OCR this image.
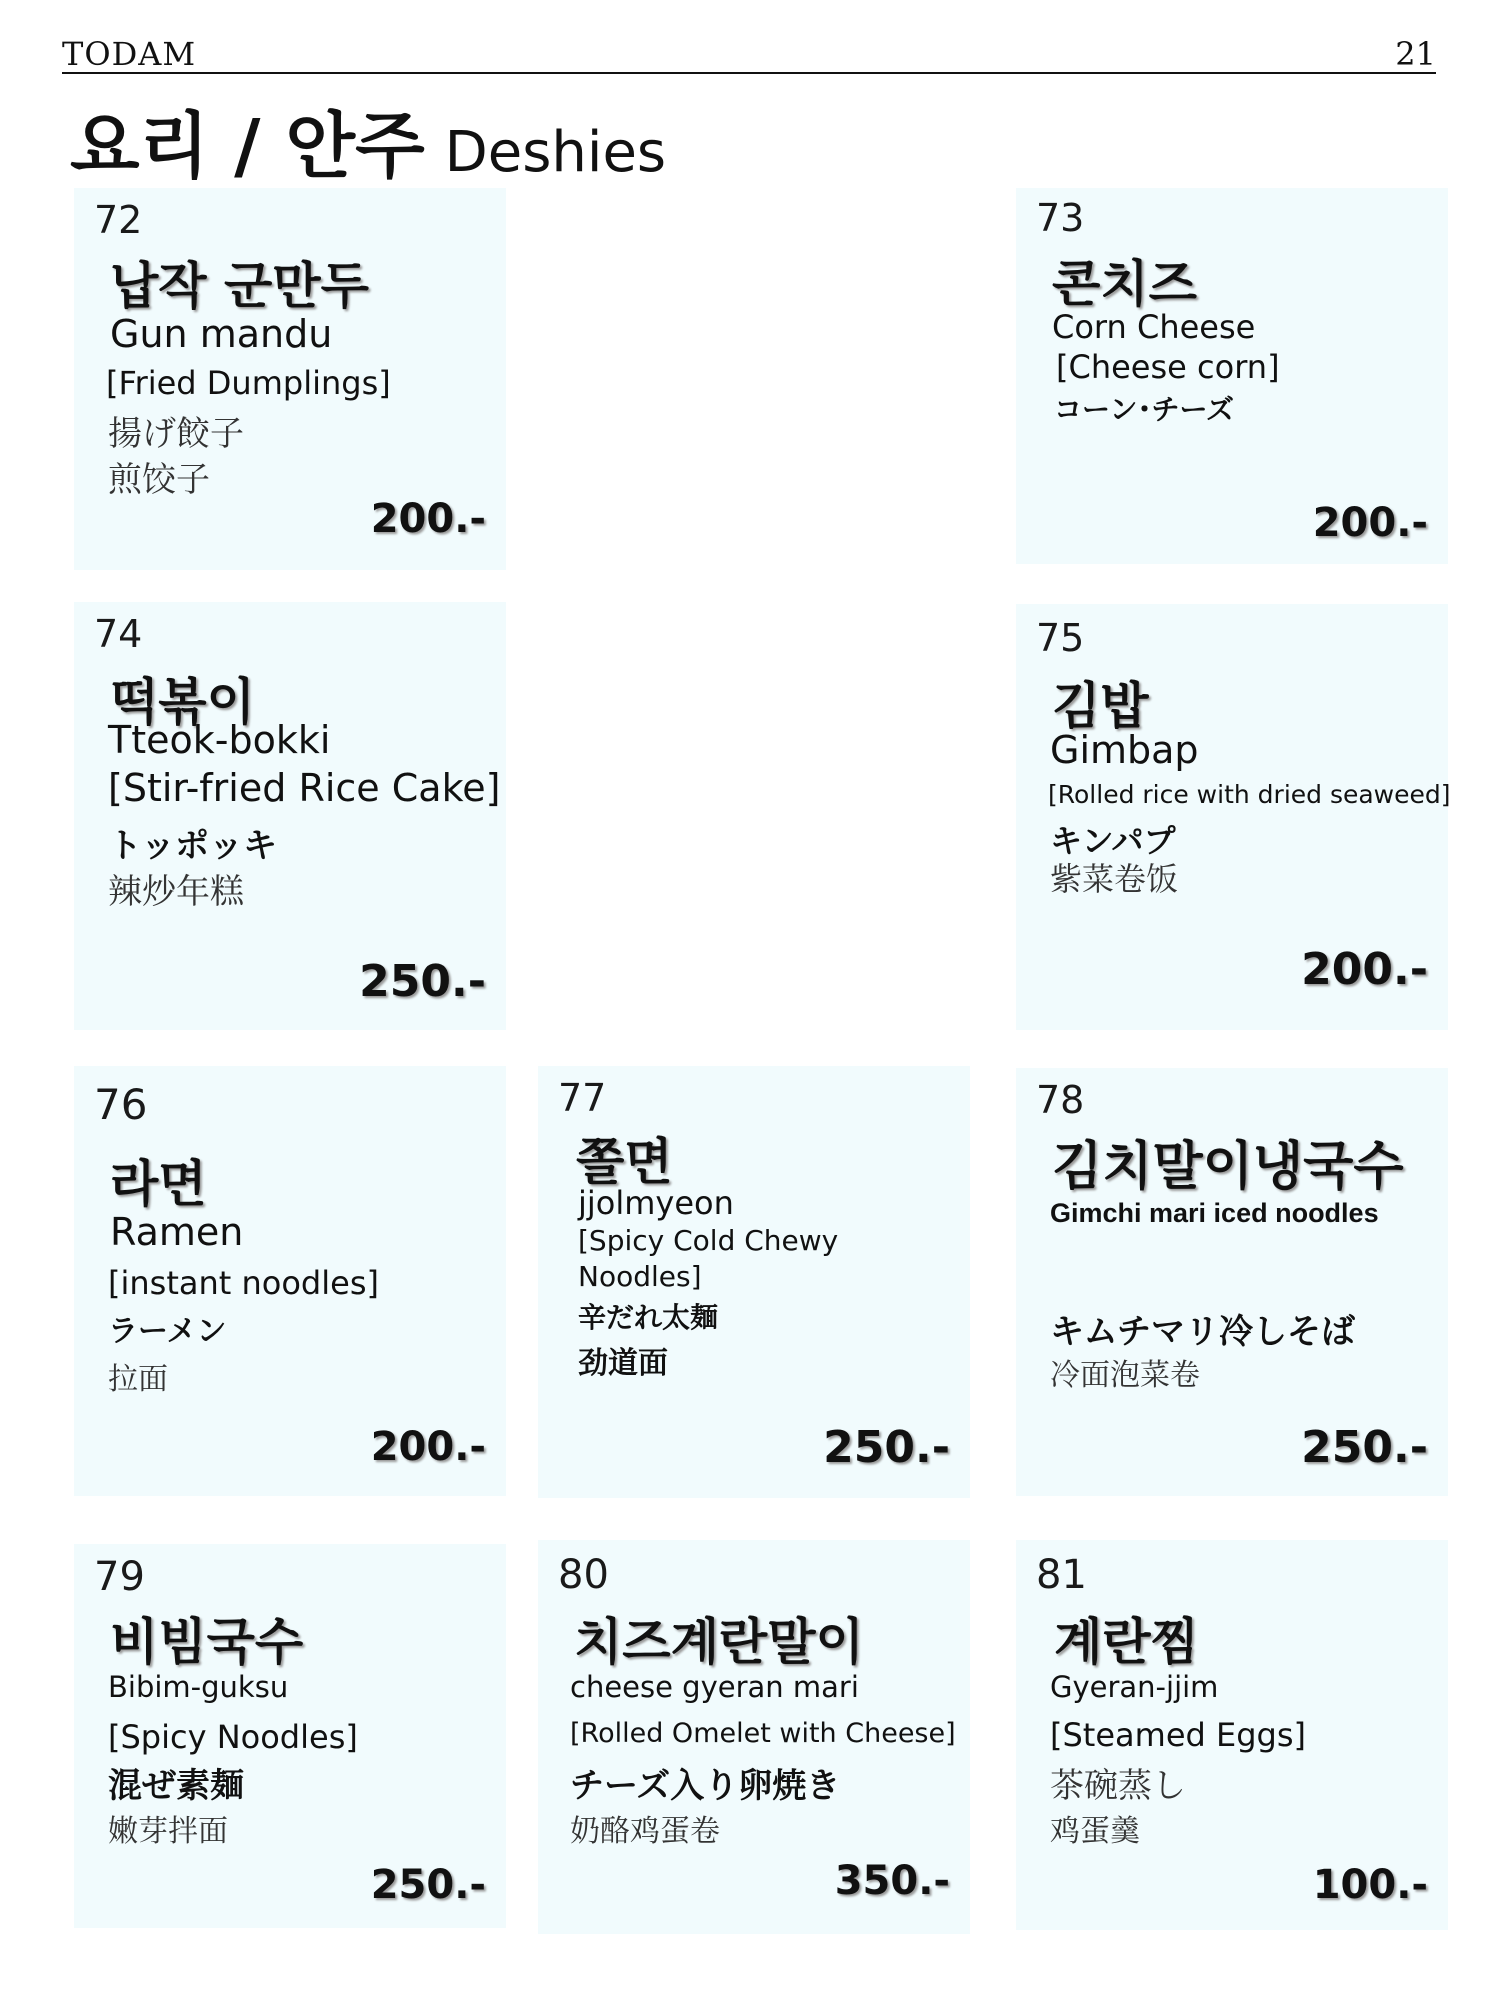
TODAM	21
요리 / 안주 Deshies
72
납작 군만두
Gun mandu
[Fried Dumplings]
揚げ餃子
煎饺子
200.-
73
콘치즈
Corn Cheese
[Cheese corn]
コーン･チーズ
200.-
74
떡볶이
Tteok-bokki
[Stir-fried Rice Cake]
トッポッキ
辣炒年糕
250.-
75
김밥
Gimbap
[Rolled rice with dried seaweed]
キンパプ
紫菜卷饭
200.-
76
라면
Ramen
[instant noodles]
ラーメン
拉面
200.-
77
쫄면
jjolmyeon
[Spicy Cold Chewy
Noodles]
辛だれ太麺
劲道面
250.-
78
김치말이냉국수
Gimchi mari iced noodles
キムチマリ冷しそば
冷面泡菜卷
250.-
79
비빔국수
Bibim-guksu
[Spicy Noodles]
混ぜ素麺
嫩芽拌面
250.-
80
치즈계란말이
cheese gyeran mari
[Rolled Omelet with Cheese]
チーズ入り卵焼き
奶酪鸡蛋卷
350.-
81
계란찜
Gyeran-jjim
[Steamed Eggs]
茶碗蒸し
鸡蛋羹
100.-
